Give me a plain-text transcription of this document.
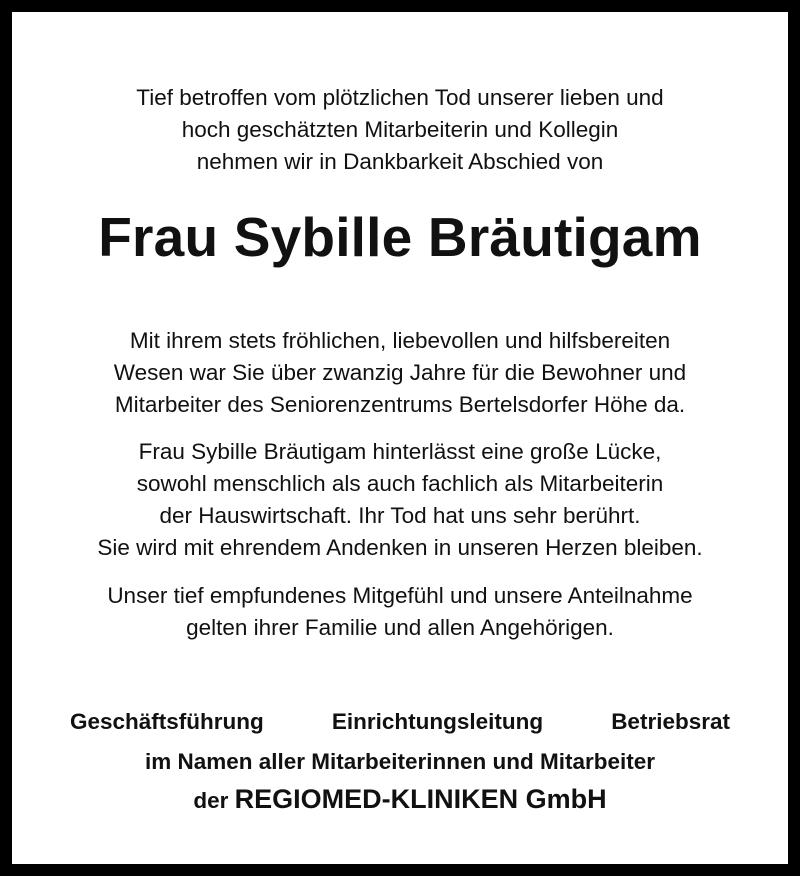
Tief betroffen vom plötzlichen Tod unserer lieben und
hoch geschätzten Mitarbeiterin und Kollegin
nehmen wir in Dankbarkeit Abschied von
Frau Sybille Bräutigam
Mit ihrem stets fröhlichen, liebevollen und hilfsbereiten
Wesen war Sie über zwanzig Jahre für die Bewohner und
Mitarbeiter des Seniorenzentrums Bertelsdorfer Höhe da.
Frau Sybille Bräutigam hinterlässt eine große Lücke,
sowohl menschlich als auch fachlich als Mitarbeiterin
der Hauswirtschaft. Ihr Tod hat uns sehr berührt.
Sie wird mit ehrendem Andenken in unseren Herzen bleiben.
Unser tief empfundenes Mitgefühl und unsere Anteilnahme
gelten ihrer Familie und allen Angehörigen.
Geschäftsführung	Einrichtungsleitung	Betriebsrat
im Namen aller Mitarbeiterinnen und Mitarbeiter
der REGIOMED-KLINIKEN GmbH
